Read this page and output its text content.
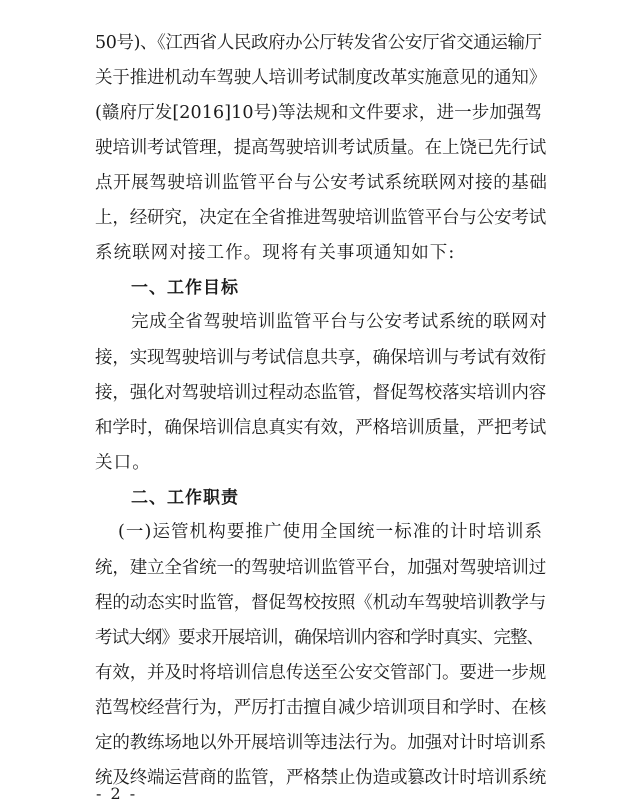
50号)、《江西省人民政府办公厅转发省公安厅省交通运输厅
关于推进机动车驾驶人培训考试制度改革实施意见的通知》
(赣府厅发[2016]10号)等法规和文件要求，进一步加强驾
驶培训考试管理，提高驾驶培训考试质量。在上饶已先行试
点开展驾驶培训监管平台与公安考试系统联网对接的基础
上，经研究，决定在全省推进驾驶培训监管平台与公安考试
系统联网对接工作。现将有关事项通知如下:
一、工作目标
完成全省驾驶培训监管平台与公安考试系统的联网对
接，实现驾驶培训与考试信息共享，确保培训与考试有效衔
接，强化对驾驶培训过程动态监管，督促驾校落实培训内容
和学时，确保培训信息真实有效，严格培训质量，严把考试
关口。
二、工作职责
(一)运管机构要推广使用全国统一标准的计时培训系
统，建立全省统一的驾驶培训监管平台，加强对驾驶培训过
程的动态实时监管，督促驾校按照《机动车驾驶培训教学与
考试大纲》要求开展培训，确保培训内容和学时真实、完整、
有效，并及时将培训信息传送至公安交管部门。要进一步规
范驾校经营行为，严厉打击擅自减少培训项目和学时、在核
定的教练场地以外开展培训等违法行为。加强对计时培训系
统及终端运营商的监管，严格禁止伪造或篡改计时培训系统
- 2 -
